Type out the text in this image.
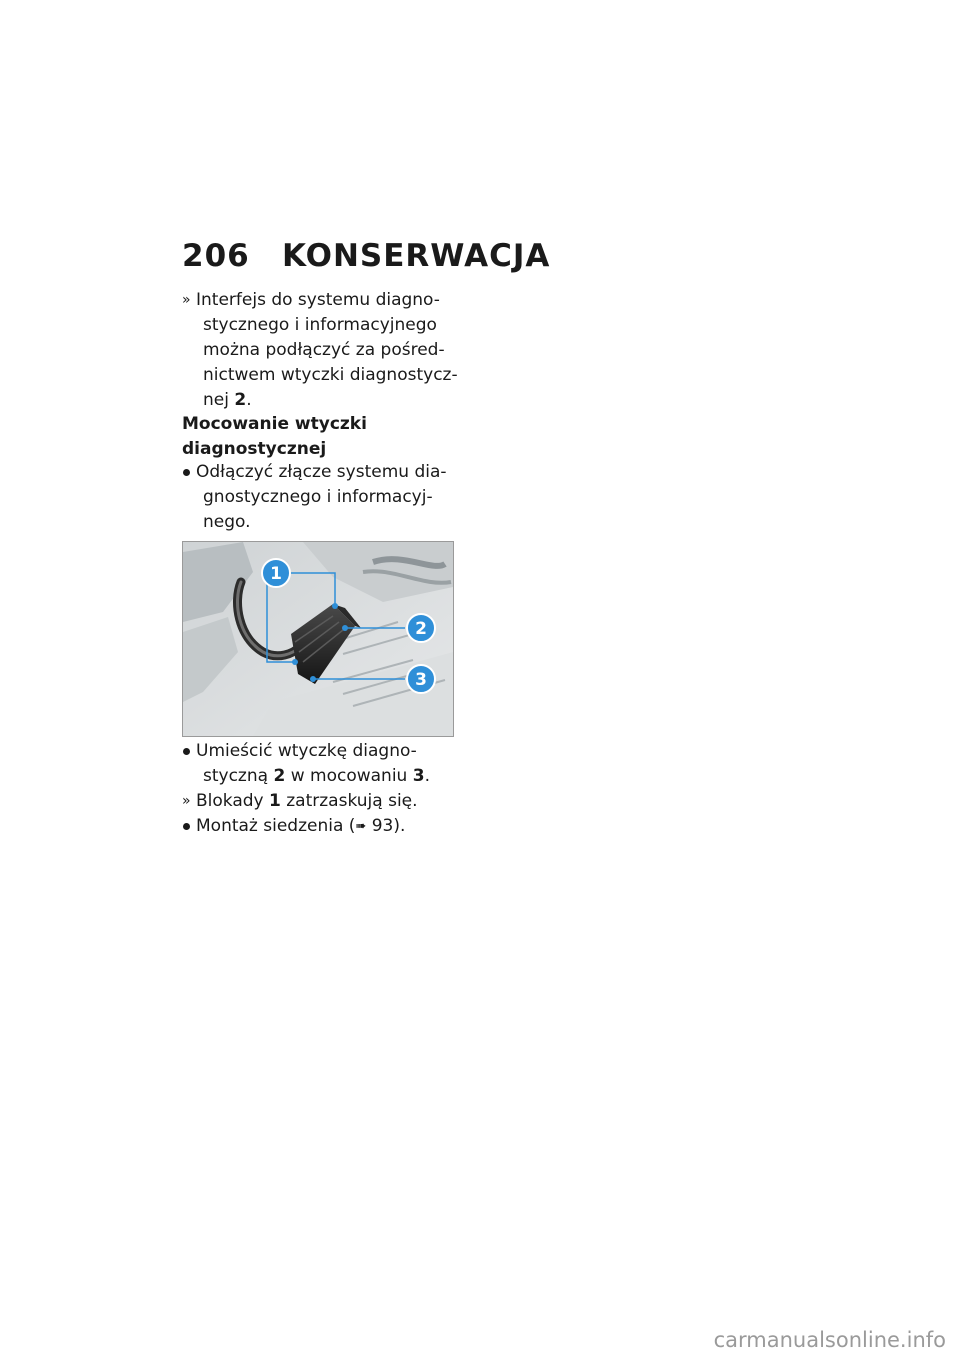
206 KONSERWACJA
» Interfejs do systemu diagno-
stycznego i informacyjnego
można podłączyć za pośred-
nictwem wtyczki diagnostycz-
nej 2.
Mocowanie wtyczki
diagnostycznej
Odłączyć złącze systemu dia-
gnostycznego i informacyj-
nego.
1
2
3
Umieścić wtyczkę diagno-
styczną 2 w mocowaniu 3.
» Blokady 1 zatrzaskują się.
Montaż siedzenia (➠ 93).
carmanualsonline.info
